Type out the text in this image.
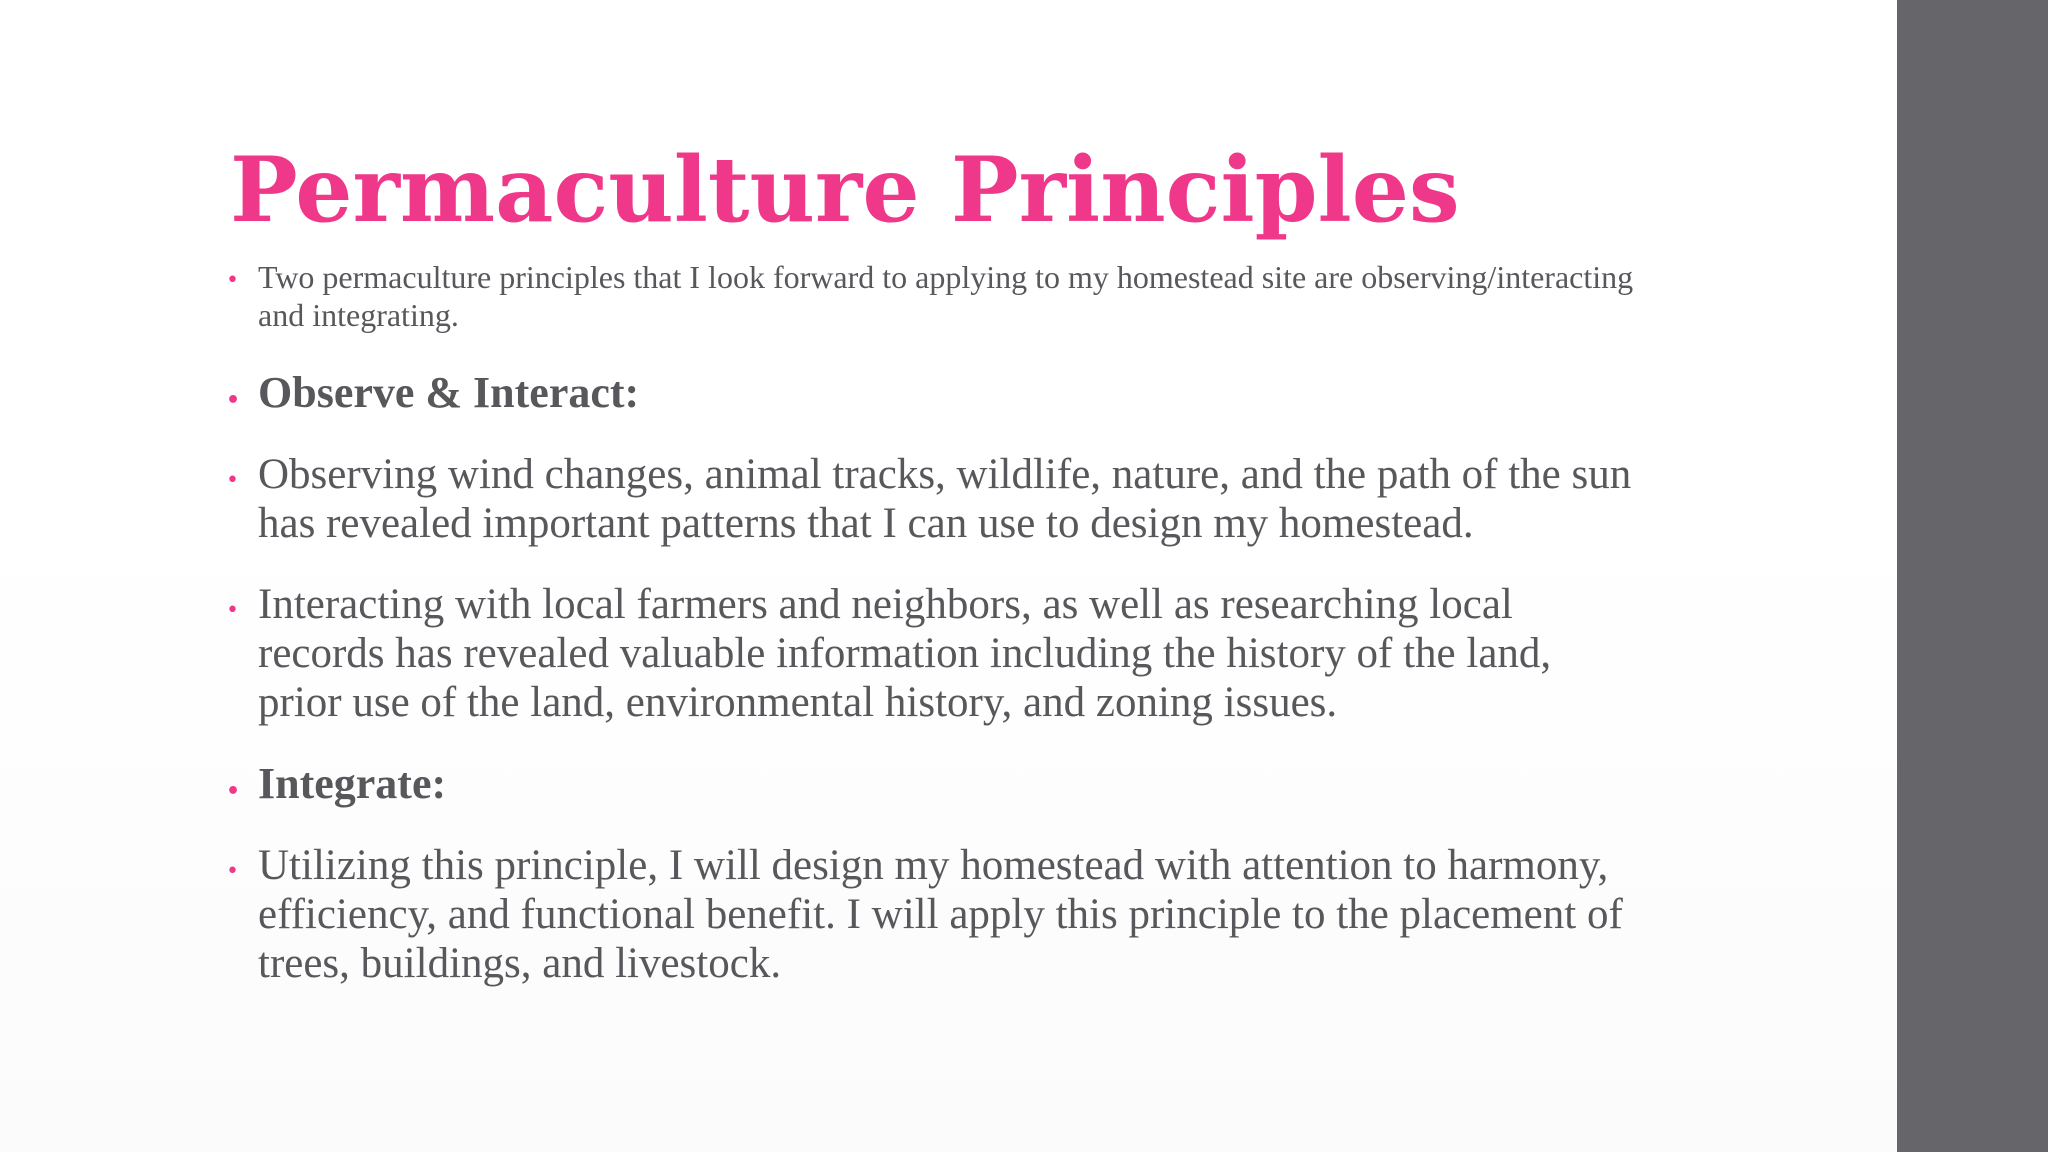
Permaculture Principles
• Two permaculture principles that I look forward to applying to my homestead site are observing/interacting and integrating.
• Observe & Interact:
• Observing wind changes, animal tracks, wildlife, nature, and the path of the sun has revealed important patterns that I can use to design my homestead.
• Interacting with local farmers and neighbors, as well as researching local records has revealed valuable information including the history of the land, prior use of the land, environmental history, and zoning issues.
• Integrate:
• Utilizing this principle, I will design my homestead with attention to harmony, efficiency, and functional benefit. I will apply this principle to the placement of trees, buildings, and livestock.
